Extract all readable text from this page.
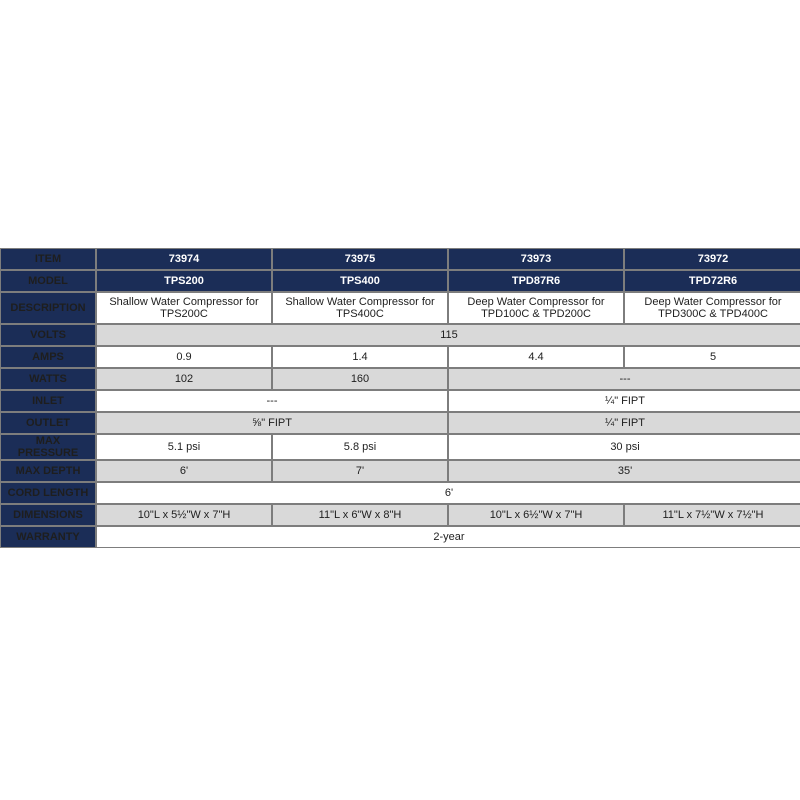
ITEM	73974	73975	73973	73972
MODEL	TPS200	TPS400	TPD87R6	TPD72R6
DESCRIPTION	Shallow Water Compressor for TPS200C	Shallow Water Compressor for TPS400C	Deep Water Compressor for TPD100C & TPD200C	Deep Water Compressor for TPD300C & TPD400C
VOLTS	115			
AMPS	0.9	1.4	4.4	5
WATTS	102	160	---	
INLET	---		¼" FIPT	
OUTLET	⅝" FIPT		¼" FIPT	
MAX PRESSURE	5.1 psi	5.8 psi	30 psi	
MAX DEPTH	6'	7'	35'	
CORD LENGTH	6'			
DIMENSIONS	10"L x 5½"W x 7"H	11"L x 6"W x 8"H	10"L x 6½"W x 7"H	11"L x 7½"W x 7½"H
WARRANTY	2-year			
